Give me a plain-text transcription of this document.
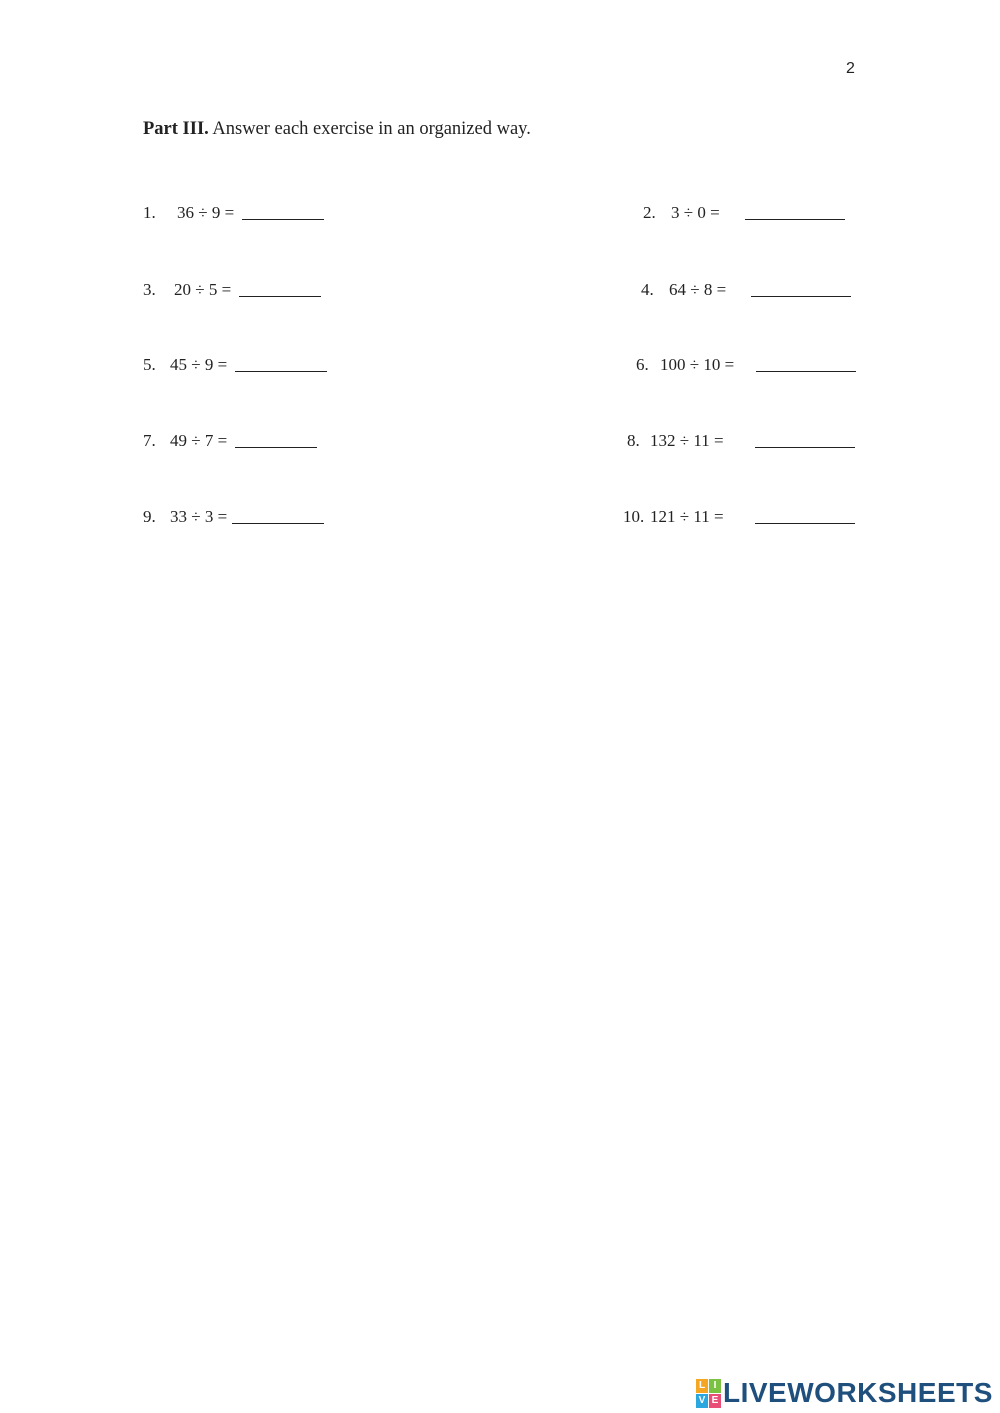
2
Part III. Answer each exercise in an organized way.
1. 36 ÷ 9 =
3. 20 ÷ 5 =
5. 45 ÷ 9 =
7. 49 ÷ 7 =
9. 33 ÷ 3 =
2. 3 ÷ 0 =
4. 64 ÷ 8 =
6. 100 ÷ 10 =
8. 132 ÷ 11 =
10. 121 ÷ 11 =
L I
V E LIVEWORKSHEETS
